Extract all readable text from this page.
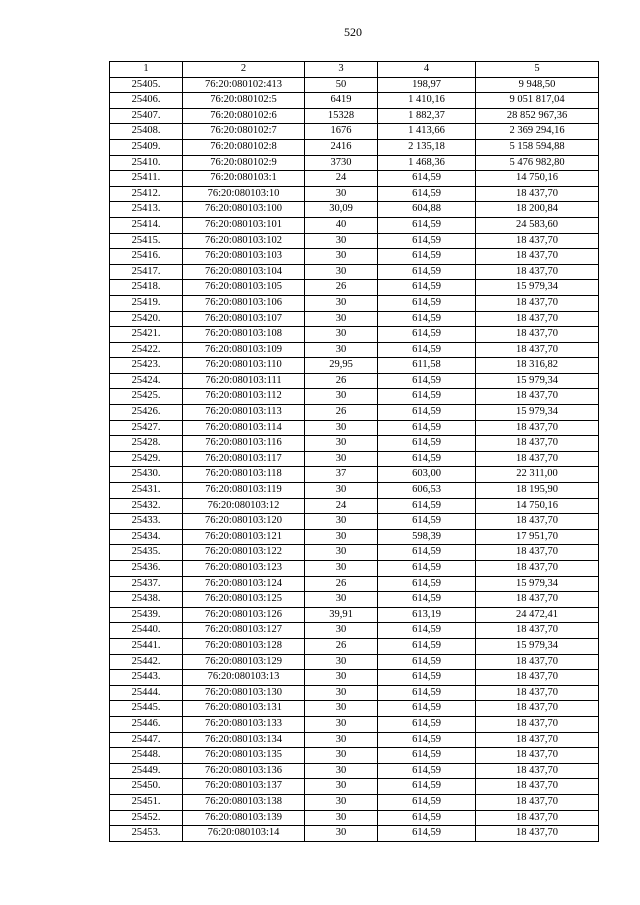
520
1	2	3	4	5
25405.	76:20:080102:413	50	198,97	9 948,50
25406.	76:20:080102:5	6419	1 410,16	9 051 817,04
25407.	76:20:080102:6	15328	1 882,37	28 852 967,36
25408.	76:20:080102:7	1676	1 413,66	2 369 294,16
25409.	76:20:080102:8	2416	2 135,18	5 158 594,88
25410.	76:20:080102:9	3730	1 468,36	5 476 982,80
25411.	76:20:080103:1	24	614,59	14 750,16
25412.	76:20:080103:10	30	614,59	18 437,70
25413.	76:20:080103:100	30,09	604,88	18 200,84
25414.	76:20:080103:101	40	614,59	24 583,60
25415.	76:20:080103:102	30	614,59	18 437,70
25416.	76:20:080103:103	30	614,59	18 437,70
25417.	76:20:080103:104	30	614,59	18 437,70
25418.	76:20:080103:105	26	614,59	15 979,34
25419.	76:20:080103:106	30	614,59	18 437,70
25420.	76:20:080103:107	30	614,59	18 437,70
25421.	76:20:080103:108	30	614,59	18 437,70
25422.	76:20:080103:109	30	614,59	18 437,70
25423.	76:20:080103:110	29,95	611,58	18 316,82
25424.	76:20:080103:111	26	614,59	15 979,34
25425.	76:20:080103:112	30	614,59	18 437,70
25426.	76:20:080103:113	26	614,59	15 979,34
25427.	76:20:080103:114	30	614,59	18 437,70
25428.	76:20:080103:116	30	614,59	18 437,70
25429.	76:20:080103:117	30	614,59	18 437,70
25430.	76:20:080103:118	37	603,00	22 311,00
25431.	76:20:080103:119	30	606,53	18 195,90
25432.	76:20:080103:12	24	614,59	14 750,16
25433.	76:20:080103:120	30	614,59	18 437,70
25434.	76:20:080103:121	30	598,39	17 951,70
25435.	76:20:080103:122	30	614,59	18 437,70
25436.	76:20:080103:123	30	614,59	18 437,70
25437.	76:20:080103:124	26	614,59	15 979,34
25438.	76:20:080103:125	30	614,59	18 437,70
25439.	76:20:080103:126	39,91	613,19	24 472,41
25440.	76:20:080103:127	30	614,59	18 437,70
25441.	76:20:080103:128	26	614,59	15 979,34
25442.	76:20:080103:129	30	614,59	18 437,70
25443.	76:20:080103:13	30	614,59	18 437,70
25444.	76:20:080103:130	30	614,59	18 437,70
25445.	76:20:080103:131	30	614,59	18 437,70
25446.	76:20:080103:133	30	614,59	18 437,70
25447.	76:20:080103:134	30	614,59	18 437,70
25448.	76:20:080103:135	30	614,59	18 437,70
25449.	76:20:080103:136	30	614,59	18 437,70
25450.	76:20:080103:137	30	614,59	18 437,70
25451.	76:20:080103:138	30	614,59	18 437,70
25452.	76:20:080103:139	30	614,59	18 437,70
25453.	76:20:080103:14	30	614,59	18 437,70
